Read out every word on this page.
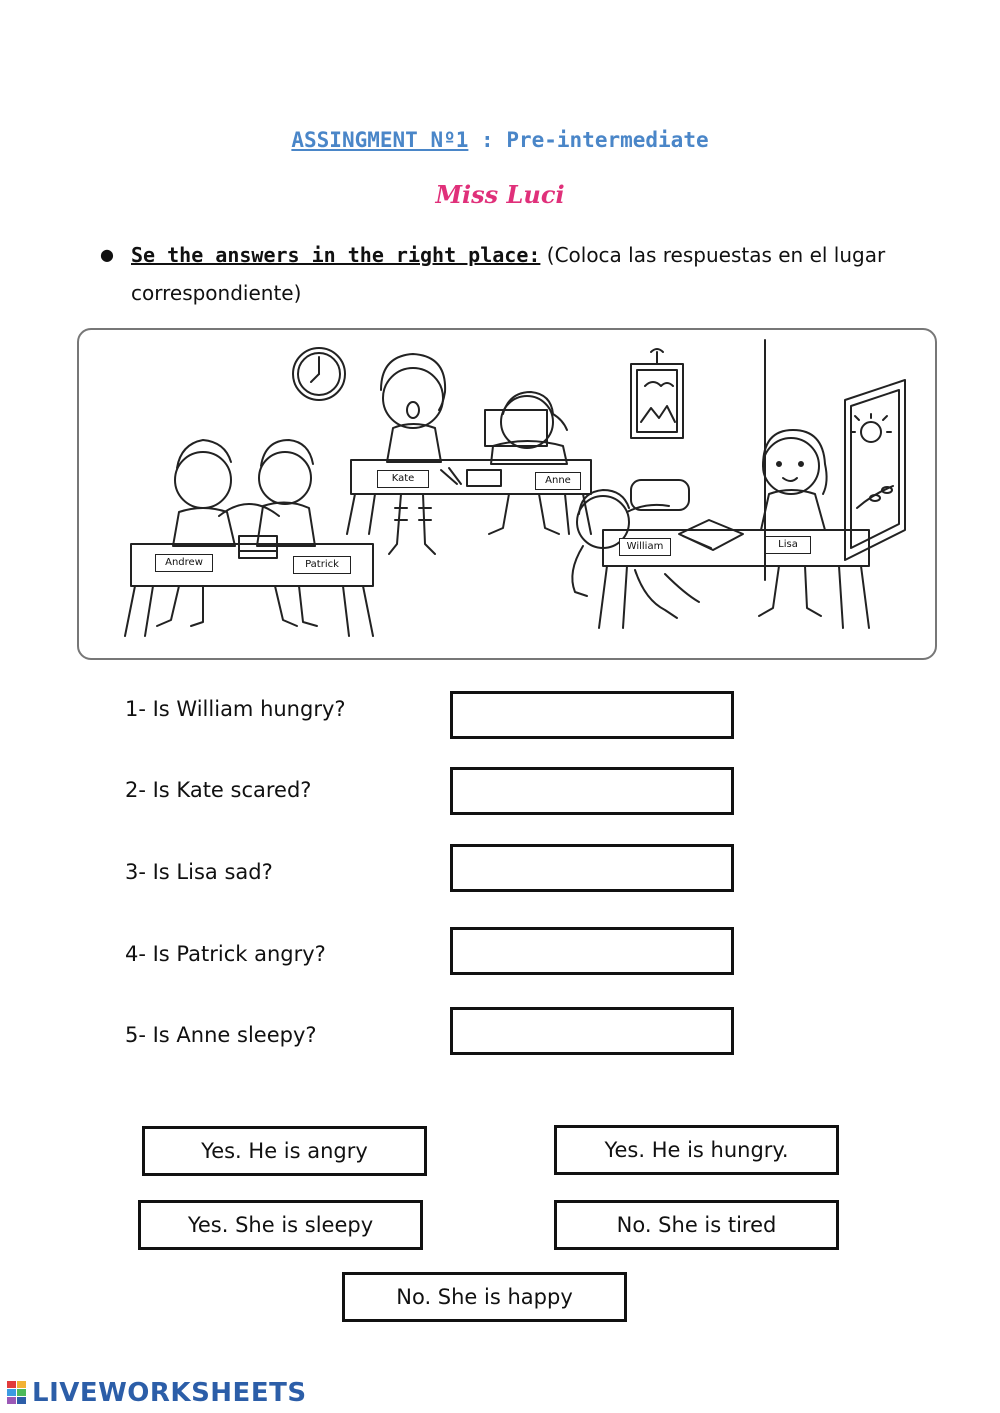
ASSINGMENT Nº1 : Pre-intermediate
Miss Luci
● Se the answers in the right place: (Coloca las respuestas en el lugar correspondiente)
Andrew	Patrick
Kate	Anne
William	Lisa
1- Is William hungry?
2- Is Kate scared?
3- Is Lisa sad?
4- Is Patrick angry?
5- Is Anne sleepy?
Yes. He is angry	Yes. He is hungry.
Yes. She is sleepy	No. She is tired
No. She is happy
LIVEWORKSHEETS
